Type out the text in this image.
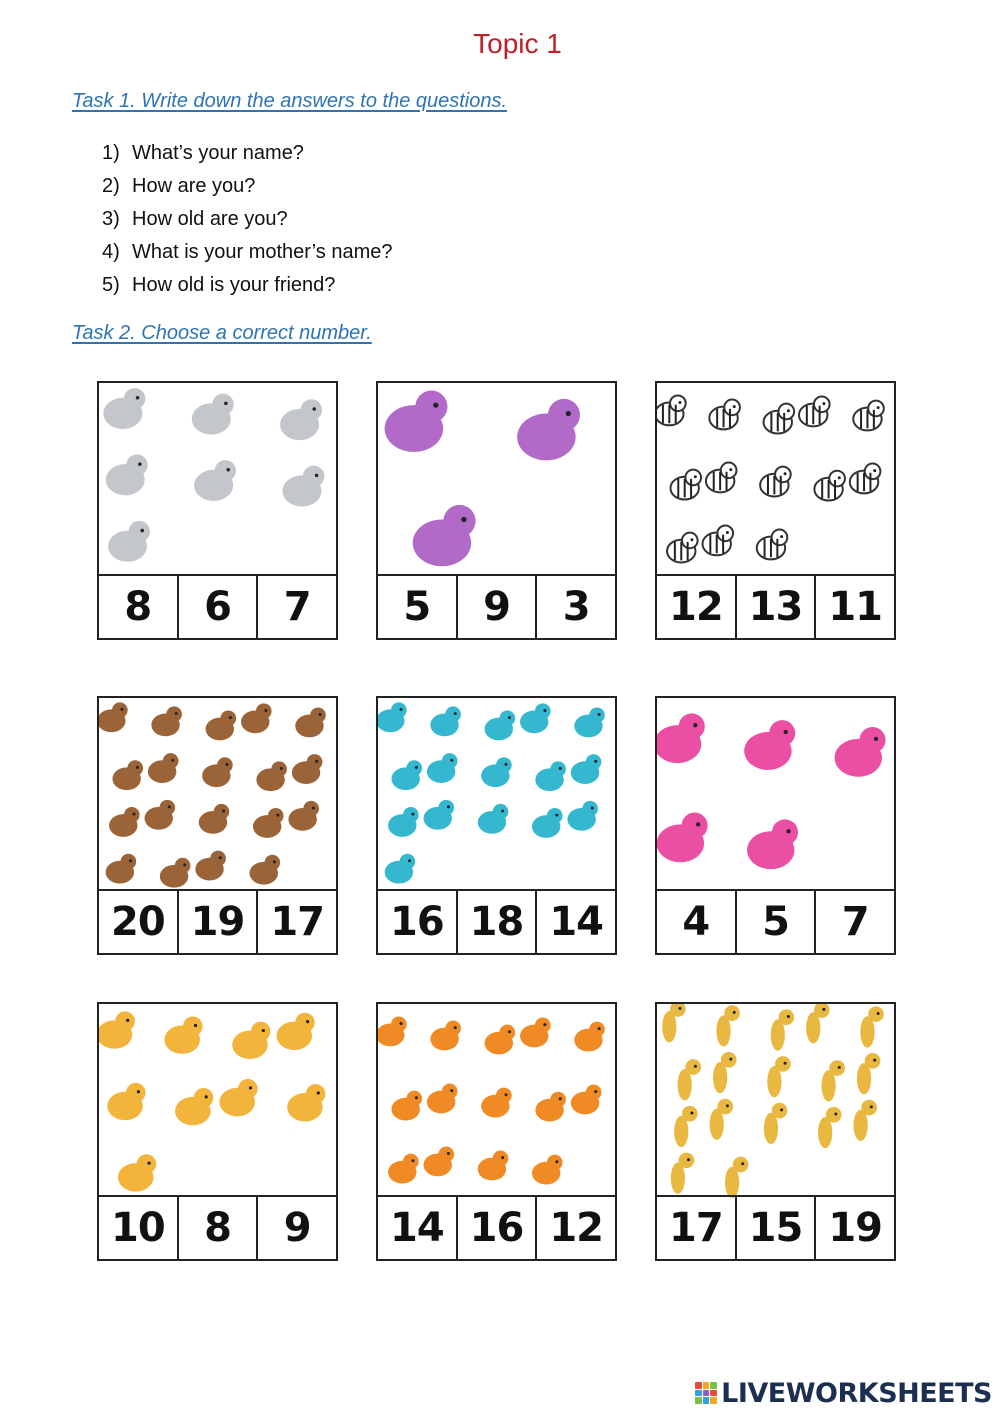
Topic 1
Task 1. Write down the answers to the questions.
1) What’s your name?
2) How are you?
3) How old are you?
4) What is your mother’s name?
5) How old is your friend?
Task 2. Choose a correct number.
8	6	7	5	9	3	12 13 11
20 19 17	16 18 14	4	5	7
10 8	9	14 16 12	17 15 19
LIVEWORKSHEETS
